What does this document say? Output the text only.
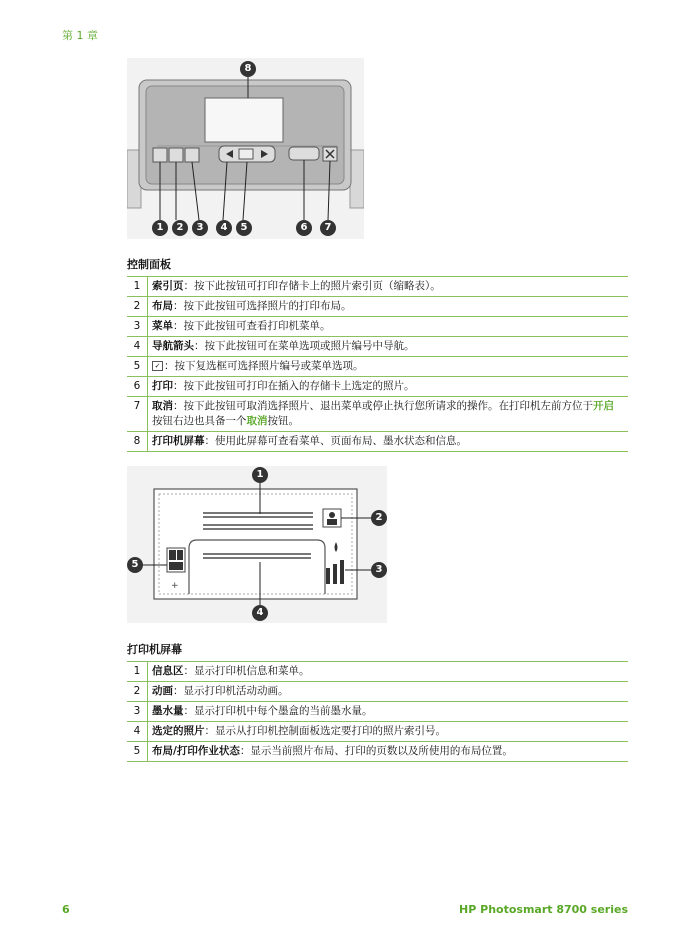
第 1 章
8
1	2	3	4	5	6	7
控制面板
1	索引页：按下此按钮可打印存储卡上的照片索引页（缩略表）。
2	布局：按下此按钮可选择照片的打印布局。
3	菜单：按下此按钮可查看打印机菜单。
4	导航箭头：按下此按钮可在菜单选项或照片编号中导航。
5	✓ ：按下复选框可选择照片编号或菜单选项。
6	打印：按下此按钮可打印在插入的存储卡上选定的照片。
7	取消：按下此按钮可取消选择照片、退出菜单或停止执行您所请求的操作。在打印机左前方位于开启按钮右边也具备一个取消按钮。
8	打印机屏幕：使用此屏幕可查看菜单、页面布局、墨水状态和信息。
+
1
2
3
4
5
打印机屏幕
1	信息区：显示打印机信息和菜单。
2	动画：显示打印机活动动画。
3	墨水量：显示打印机中每个墨盒的当前墨水量。
4	选定的照片：显示从打印机控制面板选定要打印的照片索引号。
5	布局/打印作业状态：显示当前照片布局、打印的页数以及所使用的布局位置。
6	HP Photosmart 8700 series
